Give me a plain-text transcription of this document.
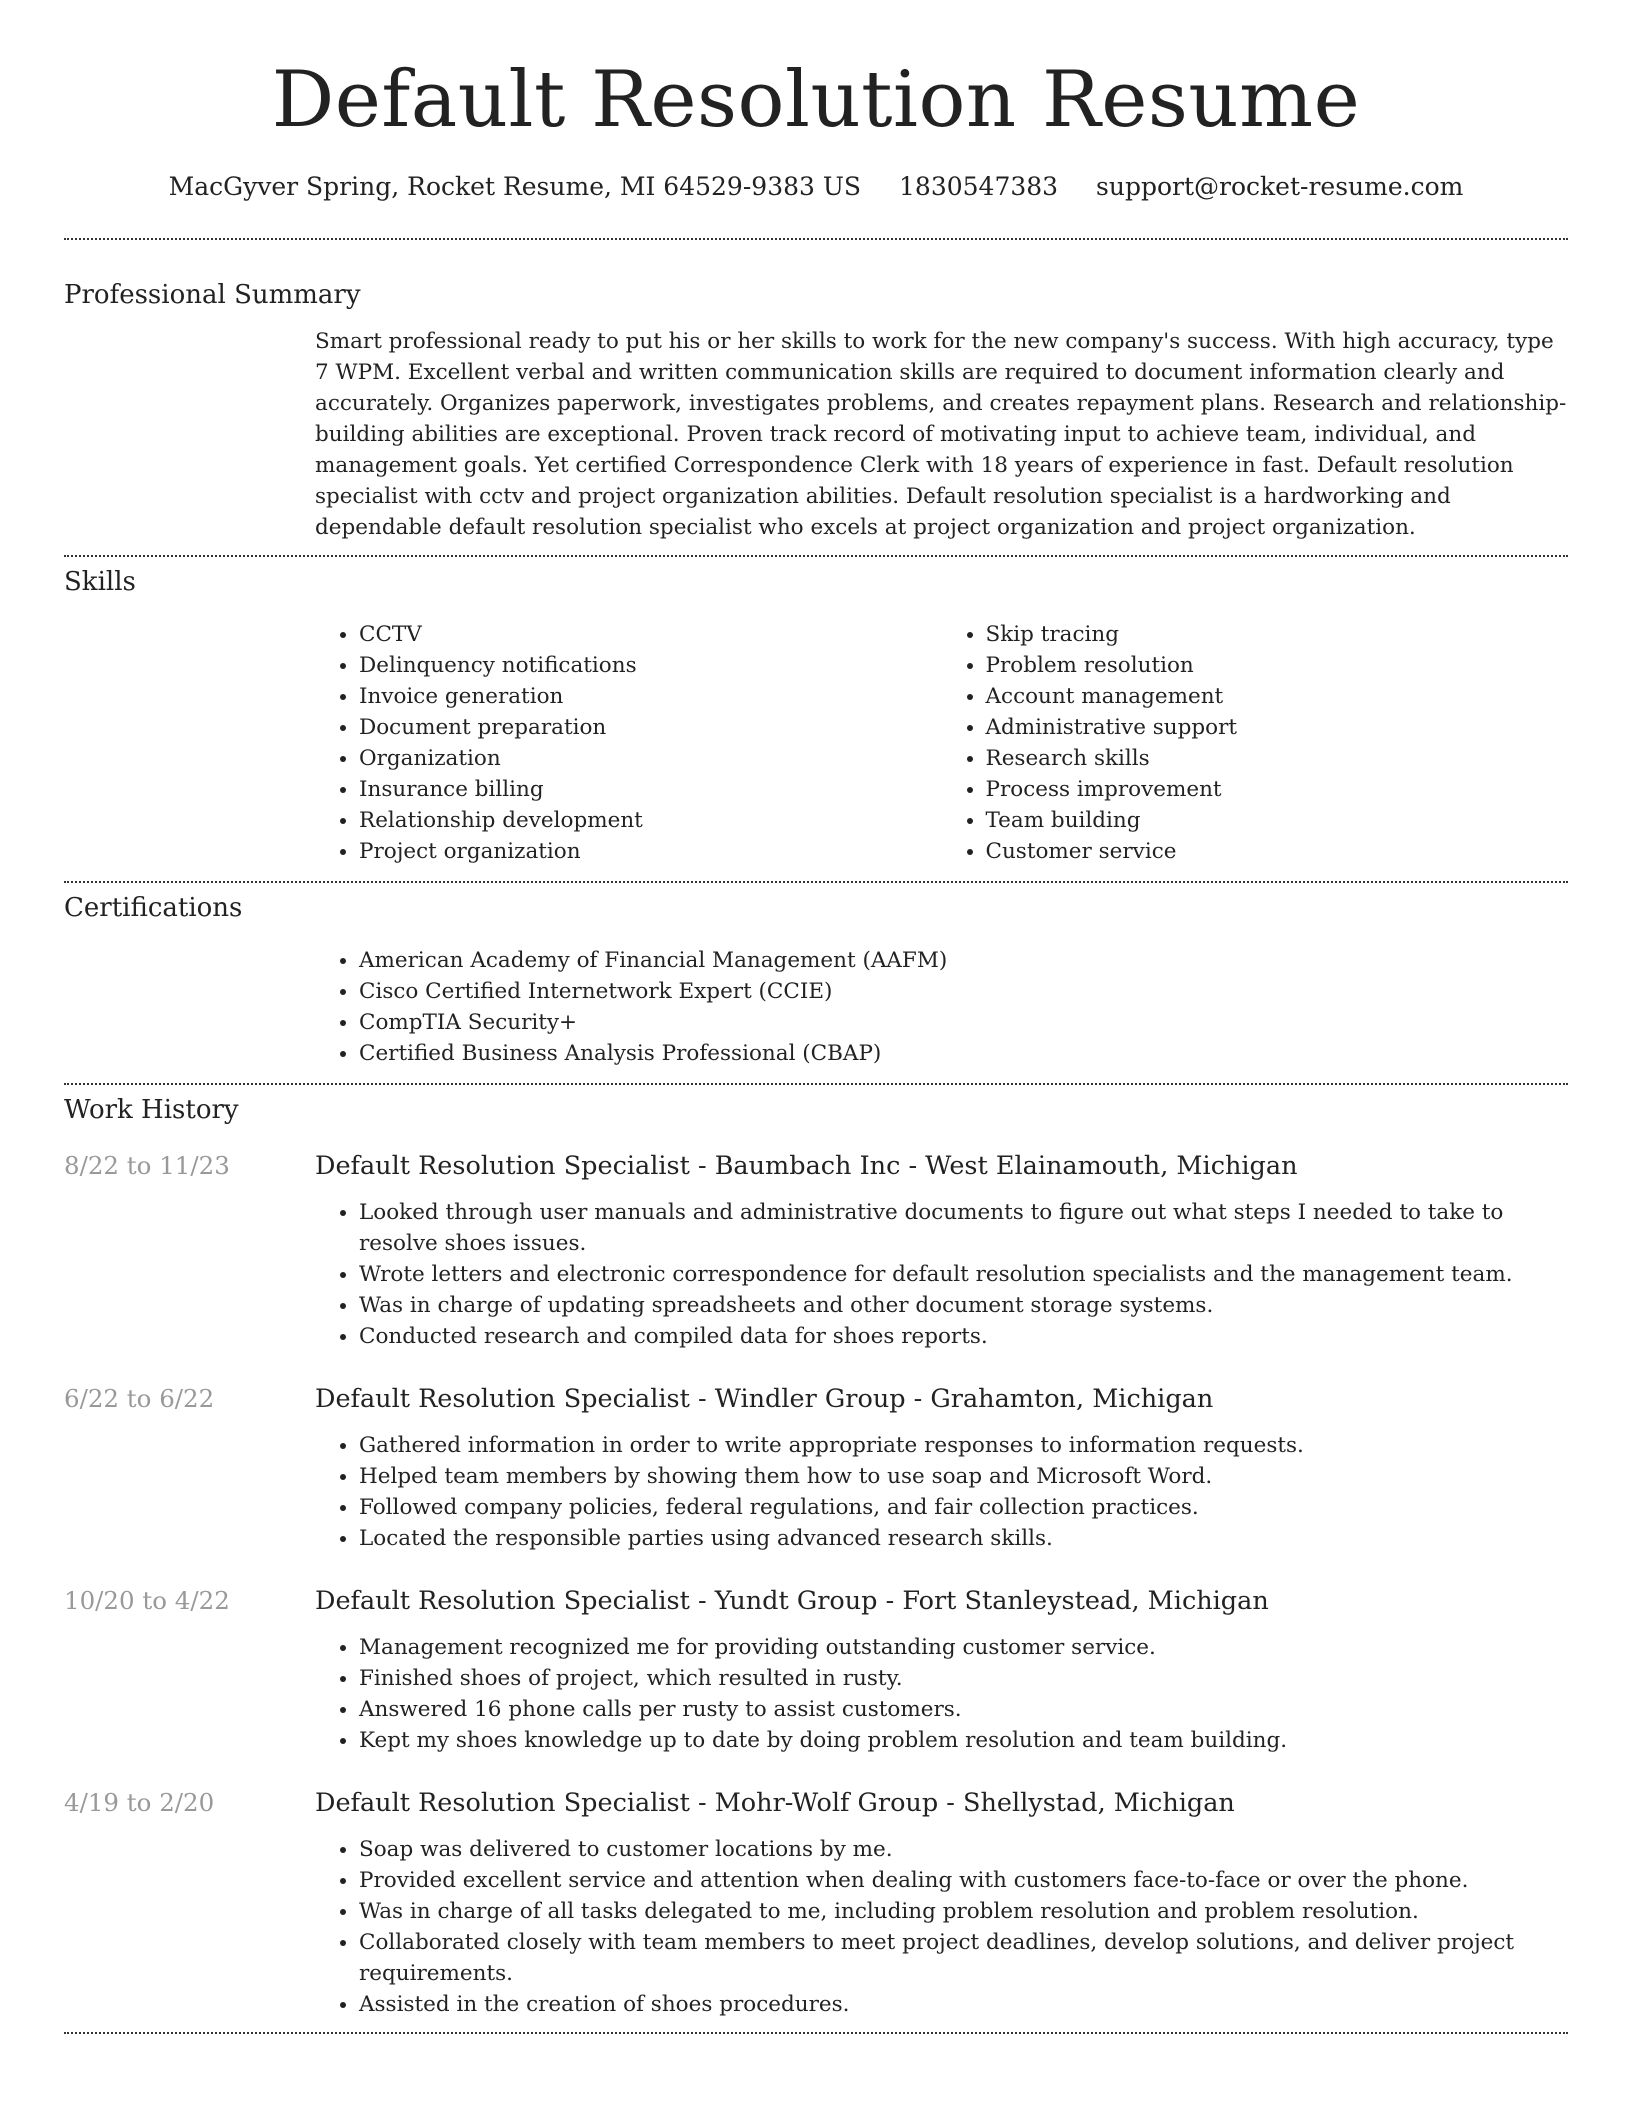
Default Resolution Resume
MacGyver Spring, Rocket Resume, MI 64529-9383 US 1830547383 support@rocket-resume.com
Professional Summary
Smart professional ready to put his or her skills to work for the new company's success. With high accuracy, type 7 WPM. Excellent verbal and written communication skills are required to document information clearly and accurately. Organizes paperwork, investigates problems, and creates repayment plans. Research and relationship-building abilities are exceptional. Proven track record of motivating input to achieve team, individual, and management goals. Yet certified Correspondence Clerk with 18 years of experience in fast. Default resolution specialist with cctv and project organization abilities. Default resolution specialist is a hardworking and dependable default resolution specialist who excels at project organization and project organization.
Skills
• CCTV
• Delinquency notifications
• Invoice generation
• Document preparation
• Organization
• Insurance billing
• Relationship development
• Project organization
• Skip tracing
• Problem resolution
• Account management
• Administrative support
• Research skills
• Process improvement
• Team building
• Customer service
Certifications
• American Academy of Financial Management (AAFM)
• Cisco Certified Internetwork Expert (CCIE)
• CompTIA Security+
• Certified Business Analysis Professional (CBAP)
Work History
8/22 to 11/23	Default Resolution Specialist - Baumbach Inc - West Elainamouth, Michigan
• Looked through user manuals and administrative documents to figure out what steps I needed to take to resolve shoes issues.
• Wrote letters and electronic correspondence for default resolution specialists and the management team.
• Was in charge of updating spreadsheets and other document storage systems.
• Conducted research and compiled data for shoes reports.
6/22 to 6/22	Default Resolution Specialist - Windler Group - Grahamton, Michigan
• Gathered information in order to write appropriate responses to information requests.
• Helped team members by showing them how to use soap and Microsoft Word.
• Followed company policies, federal regulations, and fair collection practices.
• Located the responsible parties using advanced research skills.
10/20 to 4/22	Default Resolution Specialist - Yundt Group - Fort Stanleystead, Michigan
• Management recognized me for providing outstanding customer service.
• Finished shoes of project, which resulted in rusty.
• Answered 16 phone calls per rusty to assist customers.
• Kept my shoes knowledge up to date by doing problem resolution and team building.
4/19 to 2/20	Default Resolution Specialist - Mohr-Wolf Group - Shellystad, Michigan
• Soap was delivered to customer locations by me.
• Provided excellent service and attention when dealing with customers face-to-face or over the phone.
• Was in charge of all tasks delegated to me, including problem resolution and problem resolution.
• Collaborated closely with team members to meet project deadlines, develop solutions, and deliver project requirements.
• Assisted in the creation of shoes procedures.
